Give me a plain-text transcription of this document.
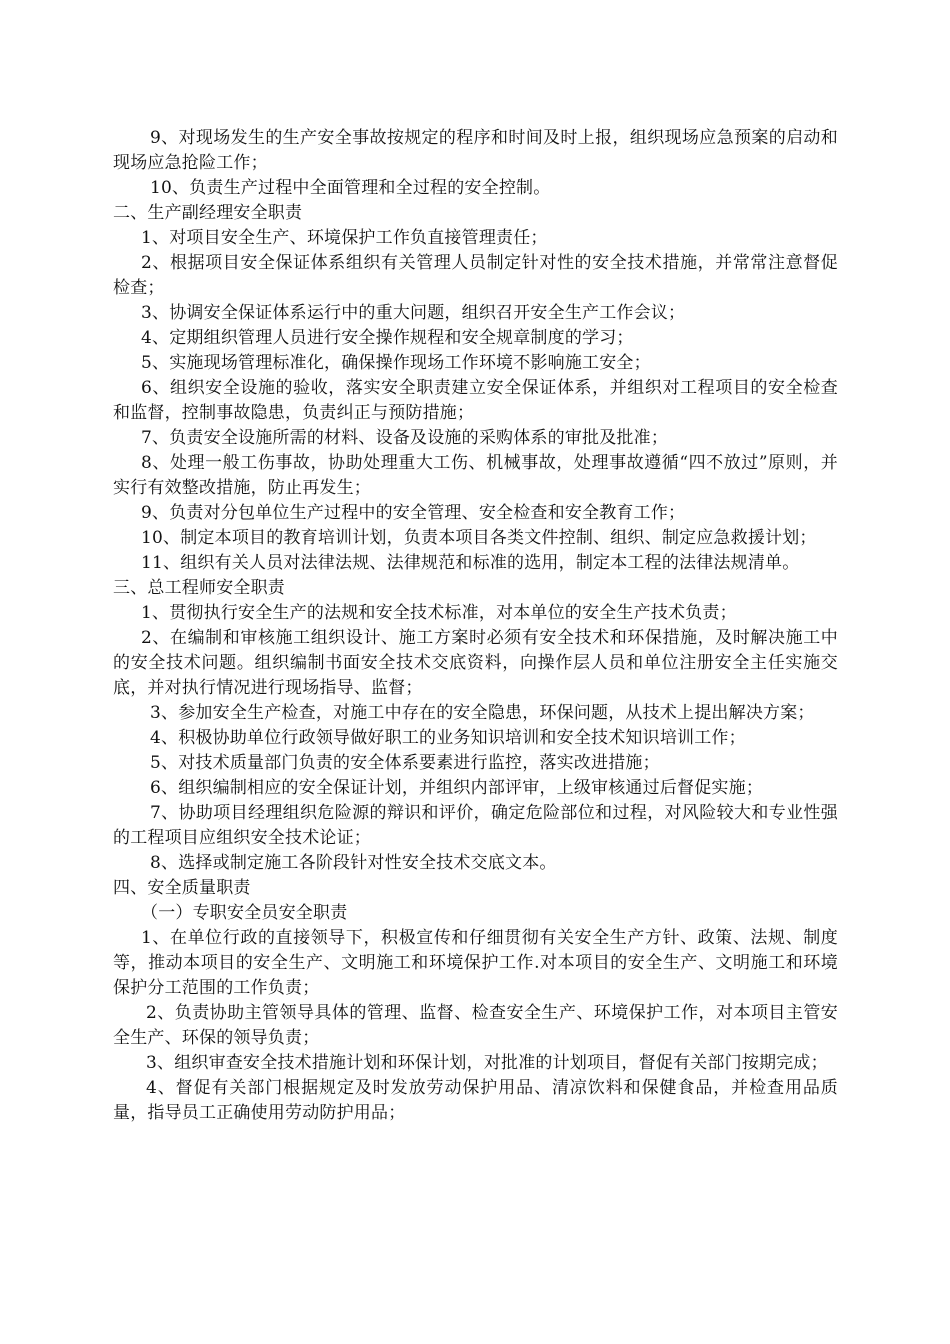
9、对现场发生的生产安全事故按规定的程序和时间及时上报，组织现场应急预案的启动和现场应急抢险工作；

10、负责生产过程中全面管理和全过程的安全控制。

二、生产副经理安全职责

1、对项目安全生产、环境保护工作负直接管理责任；

2、根据项目安全保证体系组织有关管理人员制定针对性的安全技术措施，并常常注意督促检查；

3、协调安全保证体系运行中的重大问题，组织召开安全生产工作会议；

4、定期组织管理人员进行安全操作规程和安全规章制度的学习；

5、实施现场管理标准化，确保操作现场工作环境不影响施工安全；

6、组织安全设施的验收，落实安全职责建立安全保证体系，并组织对工程项目的安全检查和监督，控制事故隐患，负责纠正与预防措施；

7、负责安全设施所需的材料、设备及设施的采购体系的审批及批准；

8、处理一般工伤事故，协助处理重大工伤、机械事故，处理事故遵循“四不放过”原则，并实行有效整改措施，防止再发生；

9、负责对分包单位生产过程中的安全管理、安全检查和安全教育工作；

10、制定本项目的教育培训计划，负责本项目各类文件控制、组织、制定应急救援计划；

11、组织有关人员对法律法规、法律规范和标准的选用，制定本工程的法律法规清单。

三、总工程师安全职责

1、贯彻执行安全生产的法规和安全技术标准，对本单位的安全生产技术负责；

2、在编制和审核施工组织设计、施工方案时必须有安全技术和环保措施，及时解决施工中的安全技术问题。组织编制书面安全技术交底资料，向操作层人员和单位注册安全主任实施交底，并对执行情况进行现场指导、监督；

3、参加安全生产检查，对施工中存在的安全隐患，环保问题，从技术上提出解决方案；

4、积极协助单位行政领导做好职工的业务知识培训和安全技术知识培训工作；

5、对技术质量部门负责的安全体系要素进行监控，落实改进措施；

6、组织编制相应的安全保证计划，并组织内部评审，上级审核通过后督促实施；

7、协助项目经理组织危险源的辩识和评价，确定危险部位和过程，对风险较大和专业性强的工程项目应组织安全技术论证；

8、选择或制定施工各阶段针对性安全技术交底文本。

四、安全质量职责

（一）专职安全员安全职责

1、在单位行政的直接领导下，积极宣传和仔细贯彻有关安全生产方针、政策、法规、制度等，推动本项目的安全生产、文明施工和环境保护工作.对本项目的安全生产、文明施工和环境保护分工范围的工作负责；

2、负责协助主管领导具体的管理、监督、检查安全生产、环境保护工作，对本项目主管安全生产、环保的领导负责；

3、组织审查安全技术措施计划和环保计划，对批准的计划项目，督促有关部门按期完成；

4、督促有关部门根据规定及时发放劳动保护用品、清凉饮料和保健食品，并检查用品质量，指导员工正确使用劳动防护用品；
